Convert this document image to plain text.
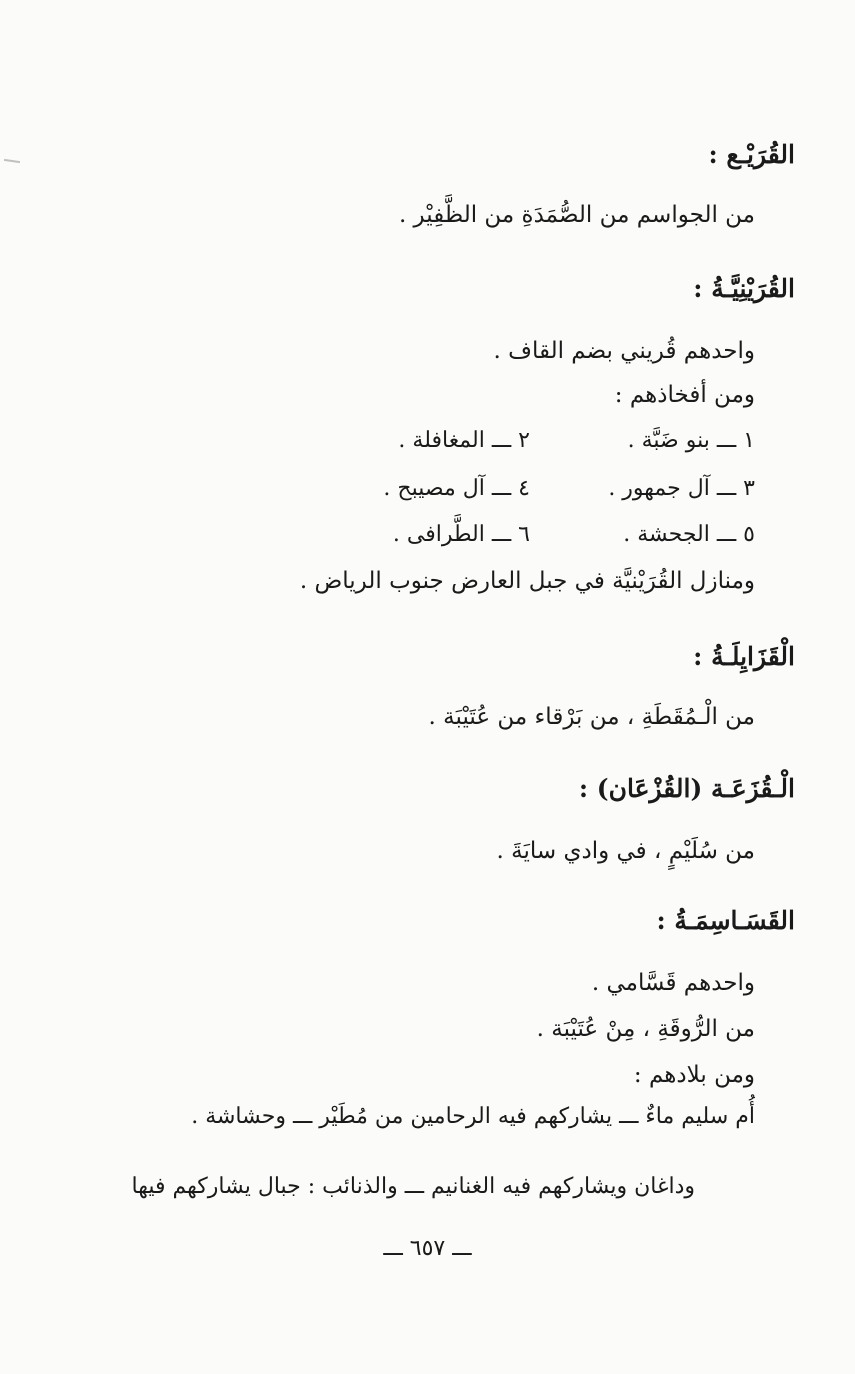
القُرَيْـع :
من الجواسم من الصُّمَدَةِ من الظَّفِيْر .
القُرَيْنِيَّـةُ :
واحدهم قُريني بضم القاف .
ومن أفخاذهم :
١ ـــ بنو ضَبَّة .٢ ـــ المغافلة .
٣ ـــ آل جمهور .٤ ـــ آل مصيبح .
٥ ـــ الجحشة .٦ ـــ الطَّرافى .
ومنازل القُرَيْنيَّة في جبل العارض جنوب الرياض .
الْقَزَايِلَـةُ :
من الْـمُقَطَةِ ، من بَرْقاء من عُتَيْبَة .
الْـقُزَعَـة (القُزْعَان) :
من سُلَيْمٍ ، في وادي سايَةَ .
القَسَـاسِمَـةُ :
واحدهم قَسَّامي .
من الرُّوقَةِ ، مِنْ عُتَيْبَة .
ومن بلادهم :
أُم سليم ماءٌ ـــ يشاركهم فيه الرحامين من مُطَيْر ـــ وحشاشة .
وداغان ويشاركهم فيه الغنانيم ـــ والذنائب : جبال يشاركهم فيها
ـــ ٦٥٧ ـــ
